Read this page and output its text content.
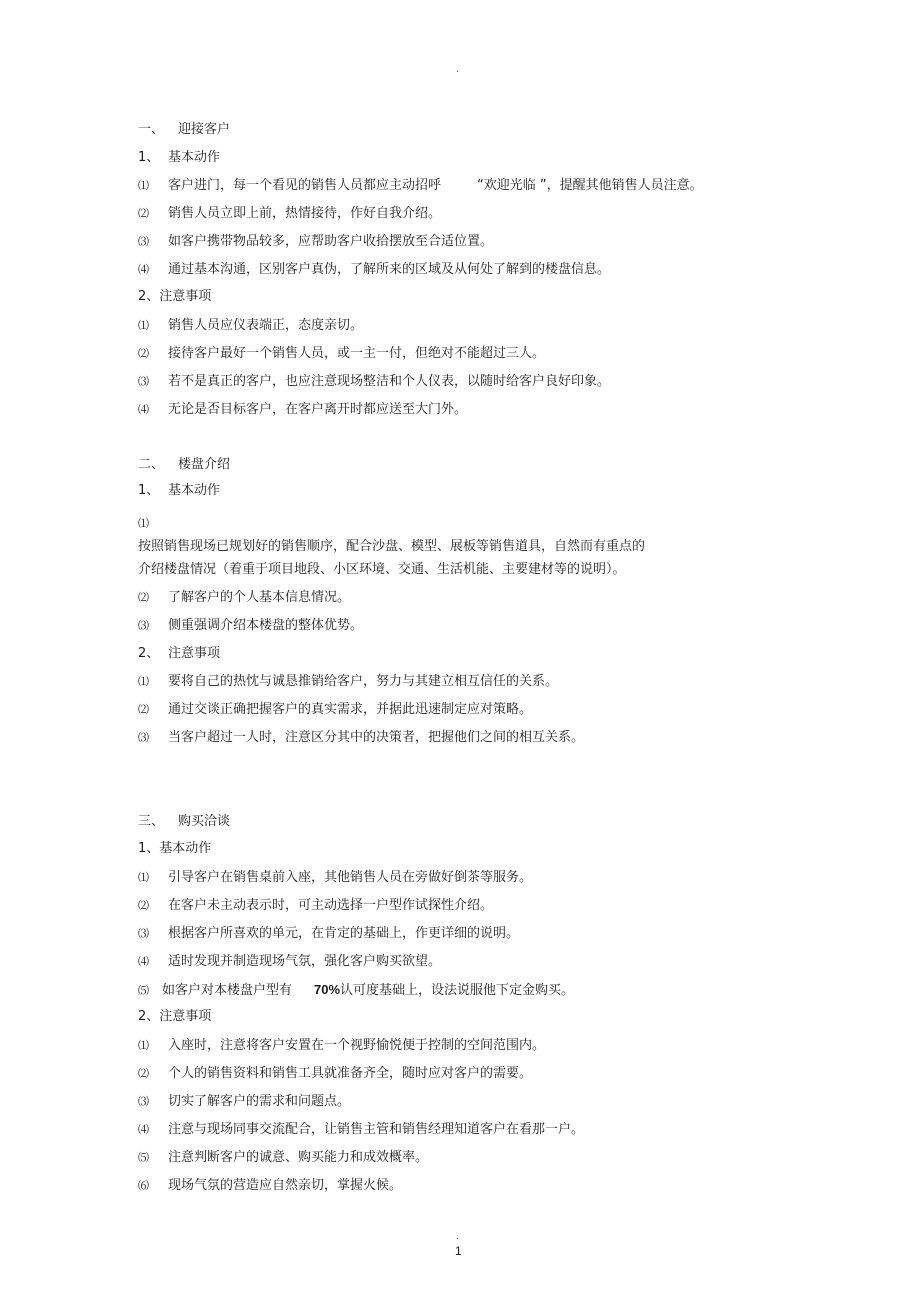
.
一、 迎接客户
1、 基本动作
⑴ 客户进门，每一个看见的销售人员都应主动招呼	“欢迎光临 ”，提醒其他销售人员注意。
⑵ 销售人员立即上前，热情接待，作好自我介绍。
⑶ 如客户携带物品较多，应帮助客户收拾摆放至合适位置。
⑷ 通过基本沟通，区别客户真伪，了解所来的区域及从何处了解到的楼盘信息。
2、注意事项
⑴ 销售人员应仪表端正，态度亲切。
⑵ 接待客户最好一个销售人员，或一主一付，但绝对不能超过三人。
⑶ 若不是真正的客户，也应注意现场整洁和个人仪表，以随时给客户良好印象。
⑷ 无论是否目标客户，在客户离开时都应送至大门外。
二、 楼盘介绍
1、 基本动作
⑴
按照销售现场已规划好的销售顺序，配合沙盘、模型、展板等销售道具，自然而有重点的
介绍楼盘情况（着重于项目地段、小区环境、交通、生活机能、主要建材等的说明）。
⑵ 了解客户的个人基本信息情况。
⑶ 侧重强调介绍本楼盘的整体优势。
2、 注意事项
⑴ 要将自己的热忱与诚恳推销给客户，努力与其建立相互信任的关系。
⑵ 通过交谈正确把握客户的真实需求，并据此迅速制定应对策略。
⑶ 当客户超过一人时，注意区分其中的决策者，把握他们之间的相互关系。
三、 购买洽谈
1、基本动作
⑴ 引导客户在销售桌前入座，其他销售人员在旁做好倒茶等服务。
⑵ 在客户未主动表示时，可主动选择一户型作试探性介绍。
⑶ 根据客户所喜欢的单元，在肯定的基础上，作更详细的说明。
⑷ 适时发现并制造现场气氛，强化客户购买欲望。
⑸ 如客户对本楼盘户型有 70%认可度基础上，设法说服他下定金购买。
2、注意事项
⑴ 入座时，注意将客户安置在一个视野愉悦便于控制的空间范围内。
⑵ 个人的销售资料和销售工具就准备齐全，随时应对客户的需要。
⑶ 切实了解客户的需求和问题点。
⑷ 注意与现场同事交流配合，让销售主管和销售经理知道客户在看那一户。
⑸ 注意判断客户的诚意、购买能力和成效概率。
⑹ 现场气氛的营造应自然亲切，掌握火候。
.
1
